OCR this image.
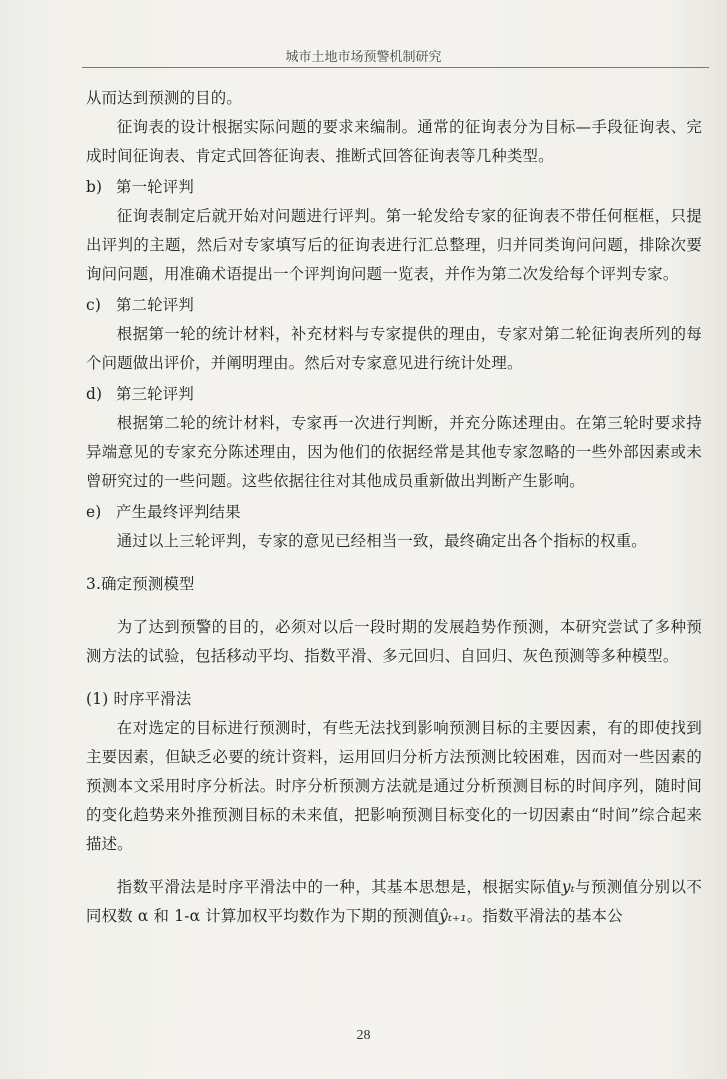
城市土地市场预警机制研究

从而达到预测的目的。

征询表的设计根据实际问题的要求来编制。通常的征询表分为目标—手段征询表、完成时间征询表、肯定式回答征询表、推断式回答征询表等几种类型。

b) 第一轮评判

征询表制定后就开始对问题进行评判。第一轮发给专家的征询表不带任何框框，只提出评判的主题，然后对专家填写后的征询表进行汇总整理，归并同类询问问题，排除次要询问问题，用准确术语提出一个评判询问题一览表，并作为第二次发给每个评判专家。

c) 第二轮评判

根据第一轮的统计材料，补充材料与专家提供的理由，专家对第二轮征询表所列的每个问题做出评价，并阐明理由。然后对专家意见进行统计处理。

d) 第三轮评判

根据第二轮的统计材料，专家再一次进行判断，并充分陈述理由。在第三轮时要求持异端意见的专家充分陈述理由，因为他们的依据经常是其他专家忽略的一些外部因素或未曾研究过的一些问题。这些依据往往对其他成员重新做出判断产生影响。

e) 产生最终评判结果

通过以上三轮评判，专家的意见已经相当一致，最终确定出各个指标的权重。

3.确定预测模型

为了达到预警的目的，必须对以后一段时期的发展趋势作预测，本研究尝试了多种预测方法的试验，包括移动平均、指数平滑、多元回归、自回归、灰色预测等多种模型。

(1) 时序平滑法

在对选定的目标进行预测时，有些无法找到影响预测目标的主要因素，有的即使找到主要因素，但缺乏必要的统计资料，运用回归分析方法预测比较困难，因而对一些因素的预测本文采用时序分析法。时序分析预测方法就是通过分析预测目标的时间序列，随时间的变化趋势来外推预测目标的未来值，把影响预测目标变化的一切因素由“时间”综合起来描述。

指数平滑法是时序平滑法中的一种，其基本思想是，根据实际值yₜ与预测值分别以不同权数 α 和 1-α 计算加权平均数作为下期的预测值ŷₜ₊₁。指数平滑法的基本公

28
